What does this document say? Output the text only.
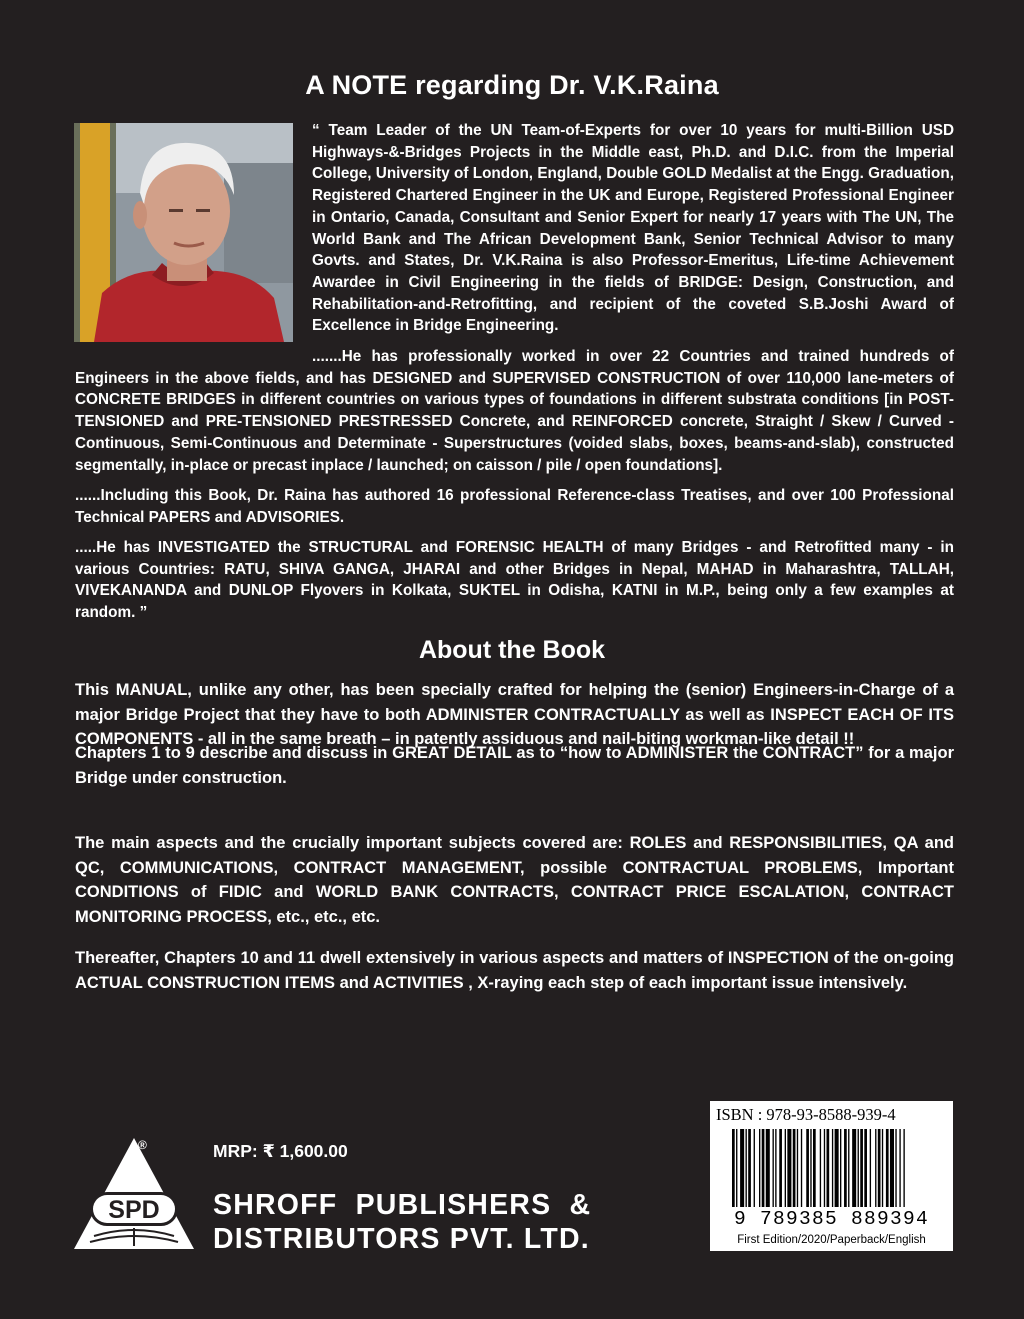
A NOTE regarding Dr. V.K.Raina

“ Team Leader of the UN Team-of-Experts for over 10 years for multi-Billion USD Highways-&-Bridges Projects in the Middle east, Ph.D. and D.I.C. from the Imperial College, University of London, England, Double GOLD Medalist at the Engg. Graduation, Registered Chartered Engineer in the UK and Europe, Registered Professional Engineer in Ontario, Canada, Consultant and Senior Expert for nearly 17 years with The UN, The World Bank and The African Development Bank, Senior Technical Advisor to many Govts. and States, Dr. V.K.Raina is also Professor-Emeritus, Life-time Achievement Awardee in Civil Engineering in the fields of BRIDGE: Design, Construction, and Rehabilitation-and-Retrofitting, and recipient of the coveted S.B.Joshi Award of Excellence in Bridge Engineering.

.......He has professionally worked in over 22 Countries and trained hundreds of Engineers in the above fields, and has DESIGNED and SUPERVISED CONSTRUCTION of over 110,000 lane-meters of CONCRETE BRIDGES in different countries on various types of foundations in different substrata conditions [in POST-TENSIONED and PRE-TENSIONED PRESTRESSED Concrete, and REINFORCED concrete, Straight / Skew / Curved - Continuous, Semi-Continuous and Determinate - Superstructures (voided slabs, boxes, beams-and-slab), constructed segmentally, in-place or precast inplace / launched; on caisson / pile / open foundations].

......Including this Book, Dr. Raina has authored 16 professional Reference-class Treatises, and over 100 Professional Technical PAPERS and ADVISORIES.

.....He has INVESTIGATED the STRUCTURAL and FORENSIC HEALTH of many Bridges - and Retrofitted many - in various Countries: RATU, SHIVA GANGA, JHARAI and other Bridges in Nepal, MAHAD in Maharashtra, TALLAH, VIVEKANANDA and DUNLOP Flyovers in Kolkata, SUKTEL in Odisha, KATNI in M.P., being only a few examples at random. ”

About the Book

This MANUAL, unlike any other, has been specially crafted for helping the (senior) Engineers-in-Charge of a major Bridge Project that they have to both ADMINISTER CONTRACTUALLY as well as INSPECT EACH OF ITS COMPONENTS - all in the same breath – in patently assiduous and nail-biting workman-like detail !!

Chapters 1 to 9 describe and discuss in GREAT DETAIL as to “how to ADMINISTER the CONTRACT” for a major Bridge under construction.

The main aspects and the crucially important subjects covered are: ROLES and RESPONSIBILITIES, QA and QC, COMMUNICATIONS, CONTRACT MANAGEMENT, possible CONTRACTUAL PROBLEMS, Important CONDITIONS of FIDIC and WORLD BANK CONTRACTS, CONTRACT PRICE ESCALATION, CONTRACT MONITORING PROCESS, etc., etc., etc.

Thereafter, Chapters 10 and 11 dwell extensively in various aspects and matters of INSPECTION of the on-going ACTUAL CONSTRUCTION ITEMS and ACTIVITIES , X-raying each step of each important issue intensively.

SPD
®	MRP: ₹ 1,600.00
SHROFF  PUBLISHERS  &
DISTRIBUTORS PVT. LTD.
ISBN : 978-93-8588-939-4
9 789385 889394
First Edition/2020/Paperback/English
